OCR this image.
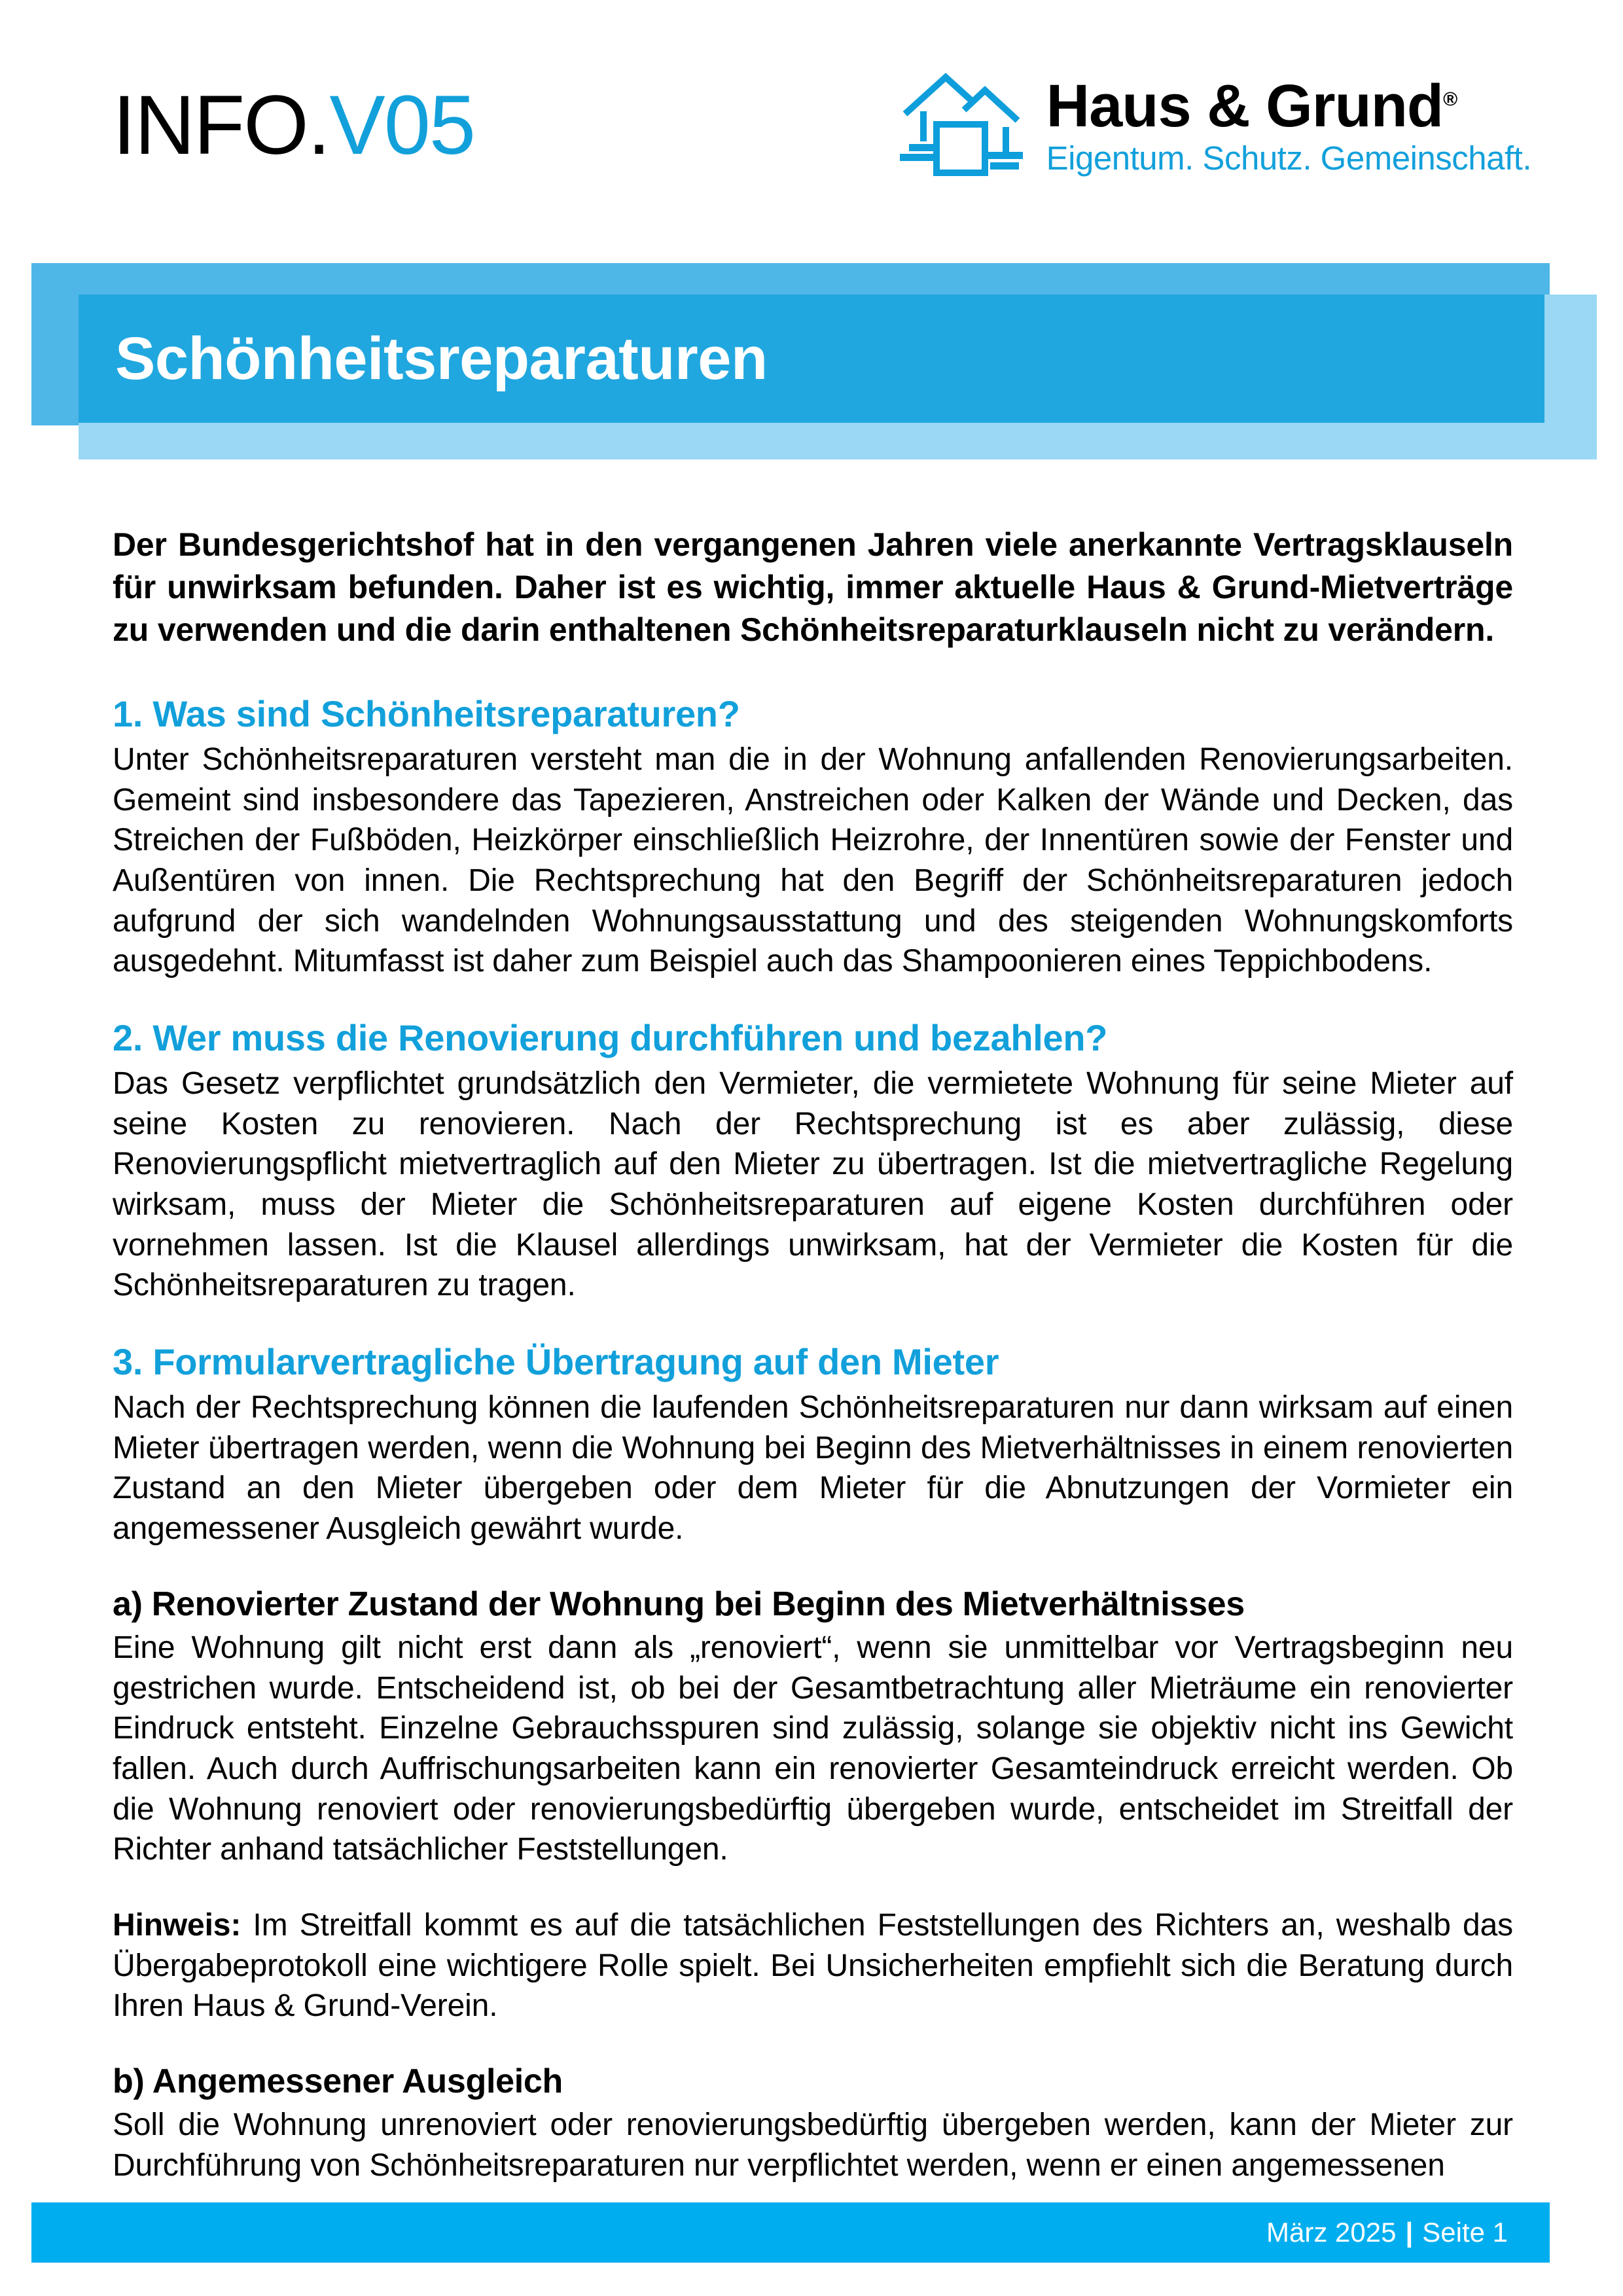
INFO.V05	Haus & Grund®
Eigentum. Schutz. Gemeinschaft.
Schönheitsreparaturen

Der Bundesgerichtshof hat in den vergangenen Jahren viele anerkannte Vertragsklauseln für unwirksam befunden. Daher ist es wichtig, immer aktuelle Haus & Grund-Mietverträge zu verwenden und die darin enthaltenen Schönheitsreparaturklauseln nicht zu verändern.

1. Was sind Schönheitsreparaturen?

Unter Schönheitsreparaturen versteht man die in der Wohnung anfallenden Renovierungsarbeiten. Gemeint sind insbesondere das Tapezieren, Anstreichen oder Kalken der Wände und Decken, das Streichen der Fußböden, Heizkörper einschließlich Heizrohre, der Innentüren sowie der Fenster und Außentüren von innen. Die Rechtsprechung hat den Begriff der Schönheitsreparaturen jedoch aufgrund der sich wandelnden Wohnungsausstattung und des steigenden Wohnungskomforts ausgedehnt. Mitumfasst ist daher zum Beispiel auch das Shampoonieren eines Teppichbodens.

2. Wer muss die Renovierung durchführen und bezahlen?

Das Gesetz verpflichtet grundsätzlich den Vermieter, die vermietete Wohnung für seine Mieter auf seine Kosten zu renovieren. Nach der Rechtsprechung ist es aber zulässig, diese Renovierungspflicht mietvertraglich auf den Mieter zu übertragen. Ist die mietvertragliche Regelung wirksam, muss der Mieter die Schönheitsreparaturen auf eigene Kosten durchführen oder vornehmen lassen. Ist die Klausel allerdings unwirksam, hat der Vermieter die Kosten für die Schönheitsreparaturen zu tragen.

3. Formularvertragliche Übertragung auf den Mieter

Nach der Rechtsprechung können die laufenden Schönheitsreparaturen nur dann wirksam auf einen Mieter übertragen werden, wenn die Wohnung bei Beginn des Mietverhältnisses in einem renovierten Zustand an den Mieter übergeben oder dem Mieter für die Abnutzungen der Vormieter ein angemessener Ausgleich gewährt wurde.

a) Renovierter Zustand der Wohnung bei Beginn des Mietverhältnisses

Eine Wohnung gilt nicht erst dann als „renoviert“, wenn sie unmittelbar vor Vertragsbeginn neu gestrichen wurde. Entscheidend ist, ob bei der Gesamtbetrachtung aller Mieträume ein renovierter Eindruck entsteht. Einzelne Gebrauchsspuren sind zulässig, solange sie objektiv nicht ins Gewicht fallen. Auch durch Auffrischungsarbeiten kann ein renovierter Gesamteindruck erreicht werden. Ob die Wohnung renoviert oder renovierungsbedürftig übergeben wurde, entscheidet im Streitfall der Richter anhand tatsächlicher Feststellungen.

Hinweis: Im Streitfall kommt es auf die tatsächlichen Feststellungen des Richters an, weshalb das Übergabeprotokoll eine wichtigere Rolle spielt. Bei Unsicherheiten empfiehlt sich die Beratung durch Ihren Haus & Grund-Verein.

b) Angemessener Ausgleich

Soll die Wohnung unrenoviert oder renovierungsbedürftig übergeben werden, kann der Mieter zur Durchführung von Schönheitsreparaturen nur verpflichtet werden, wenn er einen angemessenen

März 2025 | Seite 1
